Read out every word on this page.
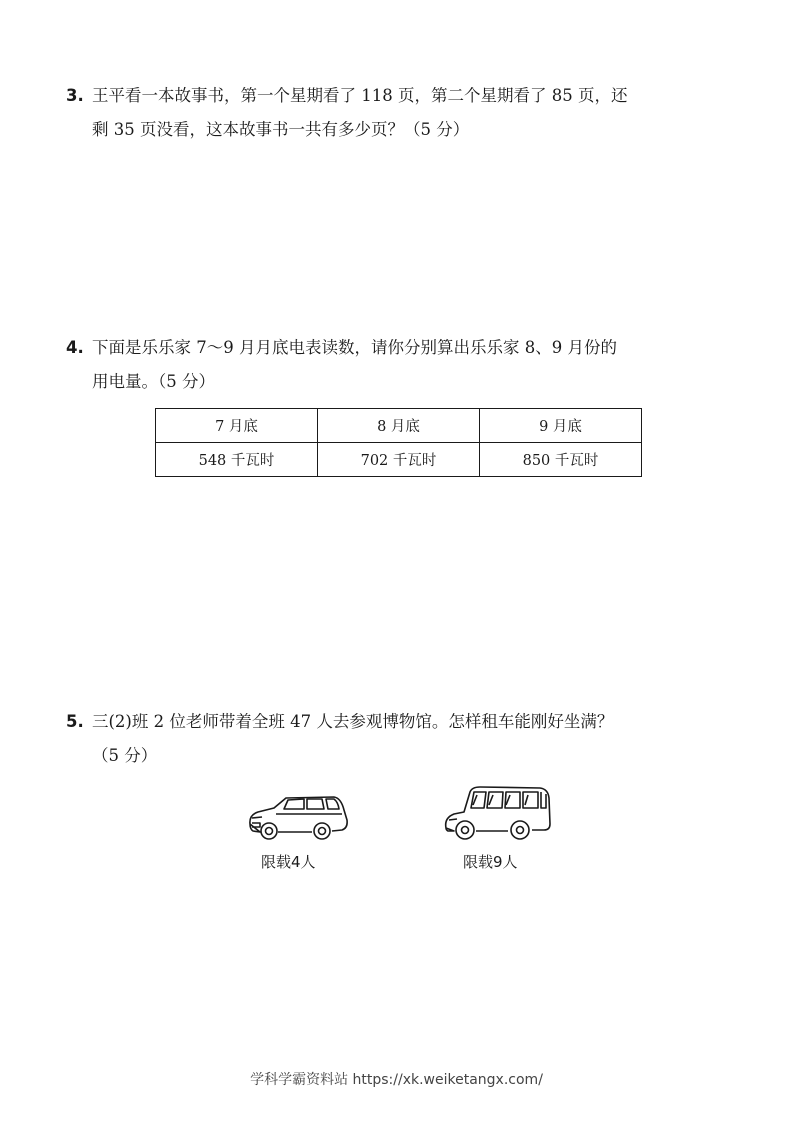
3. 王平看一本故事书，第一个星期看了 118 页，第二个星期看了 85 页，还
剩 35 页没看，这本故事书一共有多少页？（5 分）
4. 下面是乐乐家 7～9 月月底电表读数，请你分别算出乐乐家 8、9 月份的
用电量。（5 分）
7 月底	8 月底	9 月底
548 千瓦时	702 千瓦时	850 千瓦时
5. 三(2)班 2 位老师带着全班 47 人去参观博物馆。怎样租车能刚好坐满？
（5 分）
限载4人	限载9人
学科学霸资料站 https://xk.weiketangx.com/
